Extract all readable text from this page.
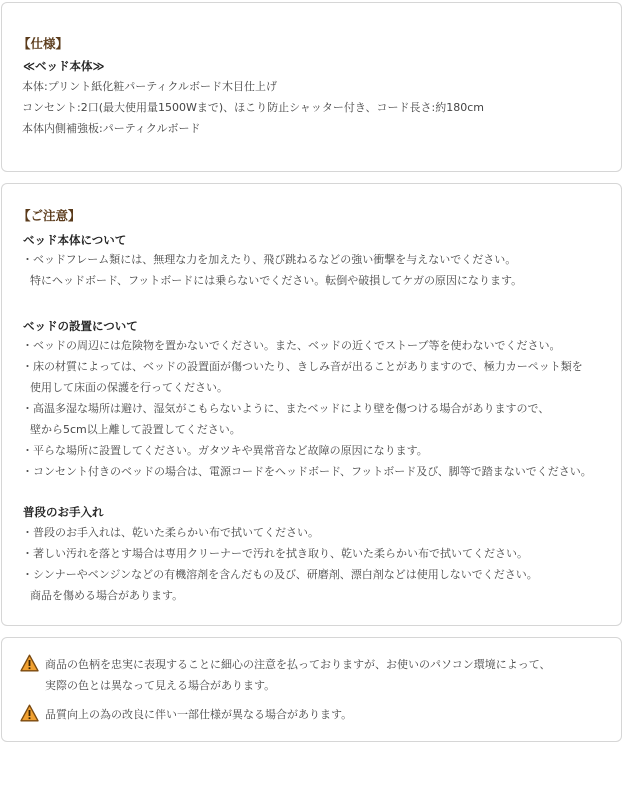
【仕様】
≪ベッド本体≫
本体:プリント紙化粧パーティクルボード木目仕上げ
コンセント:2口(最大使用量1500Wまで)、ほこり防止シャッター付き、コード長さ:約180cm
本体内側補強板:パーティクルボード
【ご注意】
ベッド本体について
・ベッドフレーム類には、無理な力を加えたり、飛び跳ねるなどの強い衝撃を与えないでください。
特にヘッドボード、フットボードには乗らないでください。転倒や破損してケガの原因になります。
ベッドの設置について
・ベッドの周辺には危険物を置かないでください。また、ベッドの近くでストーブ等を使わないでください。
・床の材質によっては、ベッドの設置面が傷ついたり、きしみ音が出ることがありますので、極力カーペット類を
使用して床面の保護を行ってください。
・高温多湿な場所は避け、湿気がこもらないように、またベッドにより壁を傷つける場合がありますので、
壁から5cm以上離して設置してください。
・平らな場所に設置してください。ガタツキや異常音など故障の原因になります。
・コンセント付きのベッドの場合は、電源コードをヘッドボード、フットボード及び、脚等で踏まないでください。
普段のお手入れ
・普段のお手入れは、乾いた柔らかい布で拭いてください。
・著しい汚れを落とす場合は専用クリーナーで汚れを拭き取り、乾いた柔らかい布で拭いてください。
・シンナーやベンジンなどの有機溶剤を含んだもの及び、研磨剤、漂白剤などは使用しないでください。
商品を傷める場合があります。
商品の色柄を忠実に表現することに細心の注意を払っておりますが、お使いのパソコン環境によって、
実際の色とは異なって見える場合があります。
品質向上の為の改良に伴い一部仕様が異なる場合があります。
